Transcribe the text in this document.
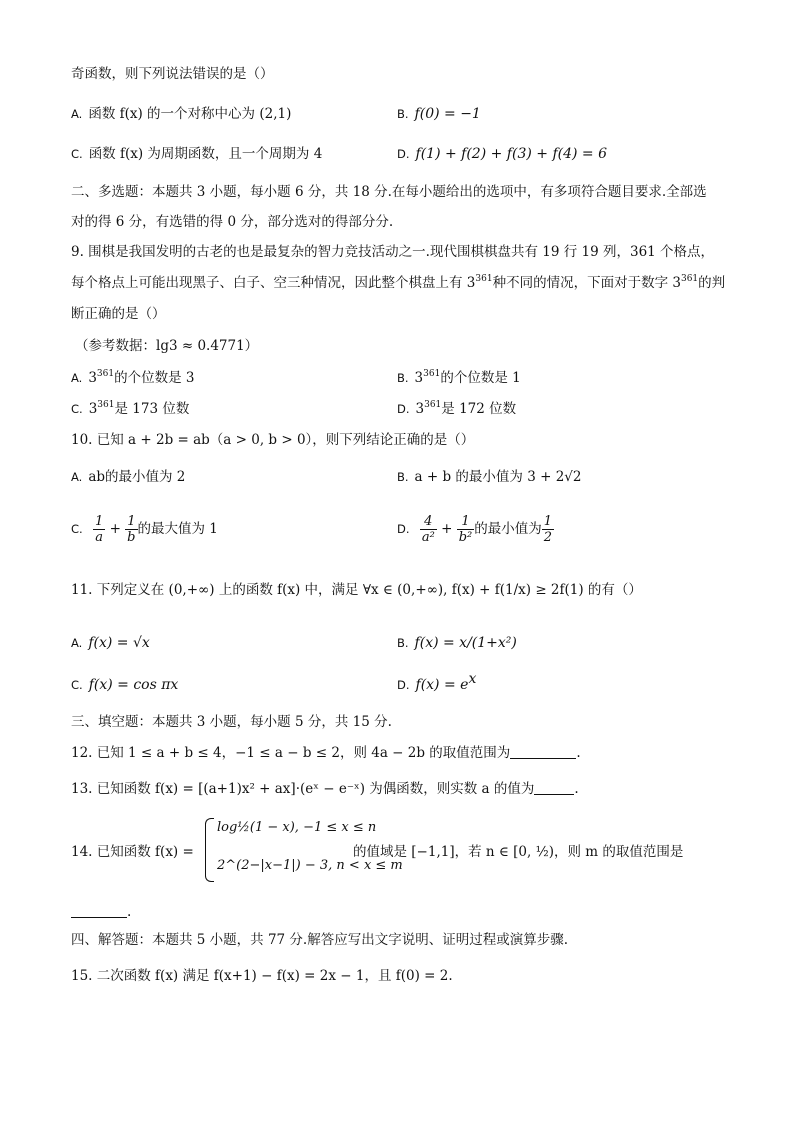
奇函数，则下列说法错误的是（）
A. 函数 f(x) 的一个对称中心为 (2,1)	B. f(0) = −1
C. 函数 f(x) 为周期函数，且一个周期为 4	D. f(1) + f(2) + f(3) + f(4) = 6
二、多选题：本题共 3 小题，每小题 6 分，共 18 分.在每小题给出的选项中，有多项符合题目要求.全部选
对的得 6 分，有选错的得 0 分，部分选对的得部分分.
9. 围棋是我国发明的古老的也是最复杂的智力竞技活动之一.现代围棋棋盘共有 19 行 19 列，361 个格点，
每个格点上可能出现黑子、白子、空三种情况，因此整个棋盘上有 $3^{361}$种不同的情况，下面对于数字 $3^{361}$的判
断正确的是（）
（参考数据：lg3 ≈ 0.4771）
A. $3^{361}$的个位数是 3	B. $3^{361}$的个位数是 1
C. $3^{361}$是 173 位数	D. $3^{361}$是 172 位数
10. 已知 a + 2b = ab（a > 0, b > 0），则下列结论正确的是（）
A. ab的最小值为 2	B. a + b 的最小值为 3 + 2√2
C. $\frac{1}{a} + \frac{1}{b}$ 的最大值为 1	D. $\frac{4}{\text{a²}} + \frac{1}{\text{b²}}$ 的最小值为 $\frac{1}{2}$
11. 下列定义在 (0,+∞) 上的函数 f(x) 中，满足 ∀x ∈ (0,+∞), f(x) + f(1/x) ≥ 2f(1) 的有（）
A. f(x) = √x	B. f(x) = x/(1+x²)
C. f(x) = cos πx	D. $f(x) = e^x$
三、填空题：本题共 3 小题，每小题 5 分，共 15 分.
12. 已知 1 ≤ a + b ≤ 4，−1 ≤ a − b ≤ 2，则 4a − 2b 的取值范围为	.
13. 已知函数 f(x) = [(a+1)x² + ax]·(eˣ − e⁻ˣ) 为偶函数，则实数 a 的值为	.
14. 已知函数 f(x) =
log½(1 − x), −1 ≤ x ≤ n
2^(2−|x−1|) − 3, n < x ≤ m
的值域是 [−1,1]，若 n ∈ [0, ½)，则 m 的取值范围是
.
四、解答题：本题共 5 小题，共 77 分.解答应写出文字说明、证明过程或演算步骤.
15. 二次函数 f(x) 满足 f(x+1) − f(x) = 2x − 1，且 f(0) = 2.
